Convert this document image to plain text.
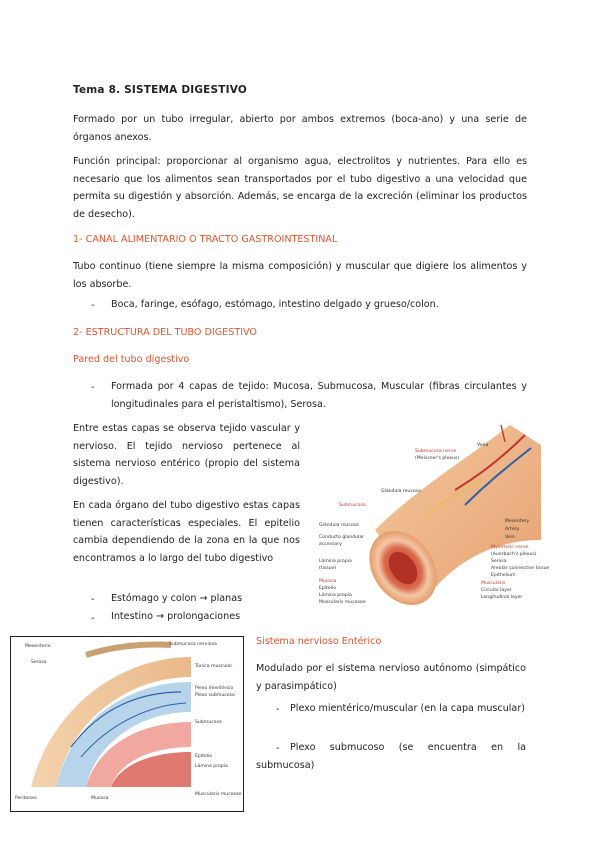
Tema 8. SISTEMA DIGESTIVO

Formado por un tubo irregular, abierto por ambos extremos (boca-ano) y una serie de órganos anexos.

Función principal: proporcionar al organismo agua, electrolitos y nutrientes. Para ello es necesario que los alimentos sean transportados por el tubo digestivo a una velocidad que permita su digestión y absorción. Además, se encarga de la excreción (eliminar los productos de desecho).

1- CANAL ALIMENTARIO O TRACTO GASTROINTESTINAL

Tubo continuo (tiene siempre la misma composición) y muscular que digiere los alimentos y los absorbe.

- Boca, faringe, esófago, estómago, intestino delgado y grueso/colon.

2- ESTRUCTURA DEL TUBO DIGESTIVO

Pared del tubo digestivo

- Formada por 4 capas de tejido: Mucosa, Submucosa, Muscular (fibras circulantes y longitudinales para el peristaltismo), Serosa.

Entre estas capas se observa tejido vascular y nervioso. El tejido nervioso pertenece al sistema nervioso entérico (propio del sistema digestivo).

En cada órgano del tubo digestivo estas capas tienen características especiales. El epitelio cambia dependiendo de la zona en la que nos encontramos a lo largo del tubo digestivo

- Estómago y colon → planas

- Intestino → prolongaciones

Vena
Submucosa nerve
(Meissner's plexus)
Glándula mucosa
Submucosa
Glándula mucosa
Conducto glandular
accessory
Lámina propia
(tissue)
Mucosa
Epitelio
Lámina propia
Muscularis mucosae
Mesentery
Artery
Vein
Myenteric nerve
(Auerbach's plexus)
Serosa
Areolar connective tissue
Epithelium
Muscularis
Circular layer
Longitudinal layer
Mesenterio
Serosa
Submucosa nerviosa
Túnica muscular
Plexo mientérico
Plexo submucoso
Submucosa
Epitelio
Lámina propia
Muscularis mucosae
Mucosa
Peritoneo

Sistema nervioso Entérico

Modulado por el sistema nervioso autónomo (simpático y parasimpático)

-	Plexo mientérico/muscular (en la capa muscular)

-	Plexo submucoso (se encuentra en la submucosa)
